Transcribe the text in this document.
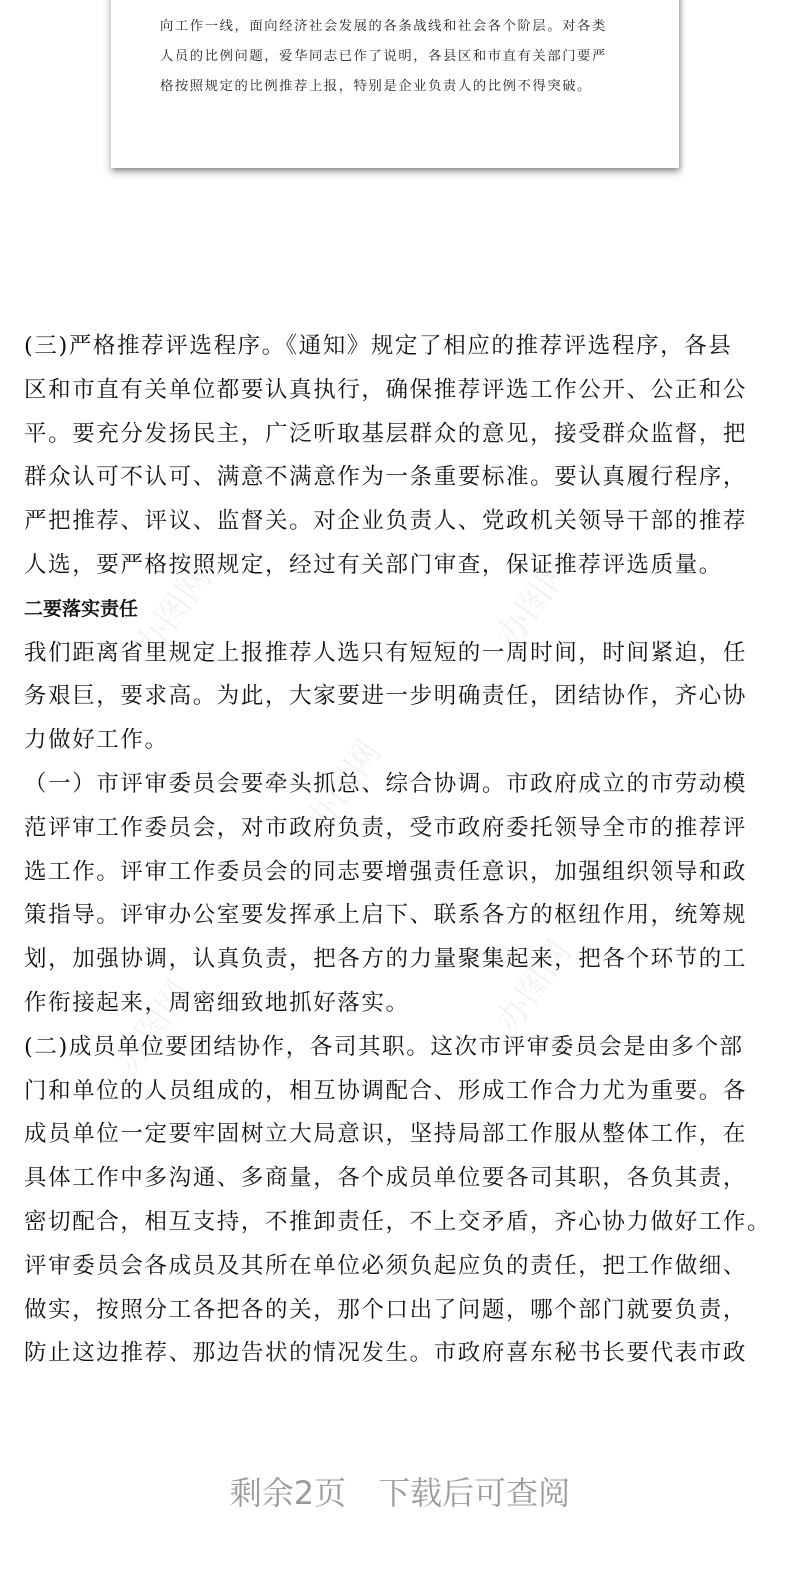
向工作一线，面向经济社会发展的各条战线和社会各个阶层。对各类
人员的比例问题，爱华同志已作了说明，各县区和市直有关部门要严
格按照规定的比例推荐上报，特别是企业负责人的比例不得突破。
(三)严格推荐评选程序。《通知》规定了相应的推荐评选程序，各县
区和市直有关单位都要认真执行，确保推荐评选工作公开、公正和公
平。要充分发扬民主，广泛听取基层群众的意见，接受群众监督，把
群众认可不认可、满意不满意作为一条重要标准。要认真履行程序，
严把推荐、评议、监督关。对企业负责人、党政机关领导干部的推荐
人选，要严格按照规定，经过有关部门审查，保证推荐评选质量。
二要落实责任
我们距离省里规定上报推荐人选只有短短的一周时间，时间紧迫，任
务艰巨，要求高。为此，大家要进一步明确责任，团结协作，齐心协
力做好工作。
（一）市评审委员会要牵头抓总、综合协调。市政府成立的市劳动模
范评审工作委员会，对市政府负责，受市政府委托领导全市的推荐评
选工作。评审工作委员会的同志要增强责任意识，加强组织领导和政
策指导。评审办公室要发挥承上启下、联系各方的枢纽作用，统筹规
划，加强协调，认真负责，把各方的力量聚集起来，把各个环节的工
作衔接起来，周密细致地抓好落实。
(二)成员单位要团结协作，各司其职。这次市评审委员会是由多个部
门和单位的人员组成的，相互协调配合、形成工作合力尤为重要。各
成员单位一定要牢固树立大局意识，坚持局部工作服从整体工作，在
具体工作中多沟通、多商量，各个成员单位要各司其职，各负其责，
密切配合，相互支持，不推卸责任，不上交矛盾，齐心协力做好工作。
评审委员会各成员及其所在单位必须负起应负的责任，把工作做细、
做实，按照分工各把各的关，那个口出了问题，哪个部门就要负责，
防止这边推荐、那边告状的情况发生。市政府喜东秘书长要代表市政
办图网
办图网
办图网
办图网
办图网
剩余2页 下载后可查阅
